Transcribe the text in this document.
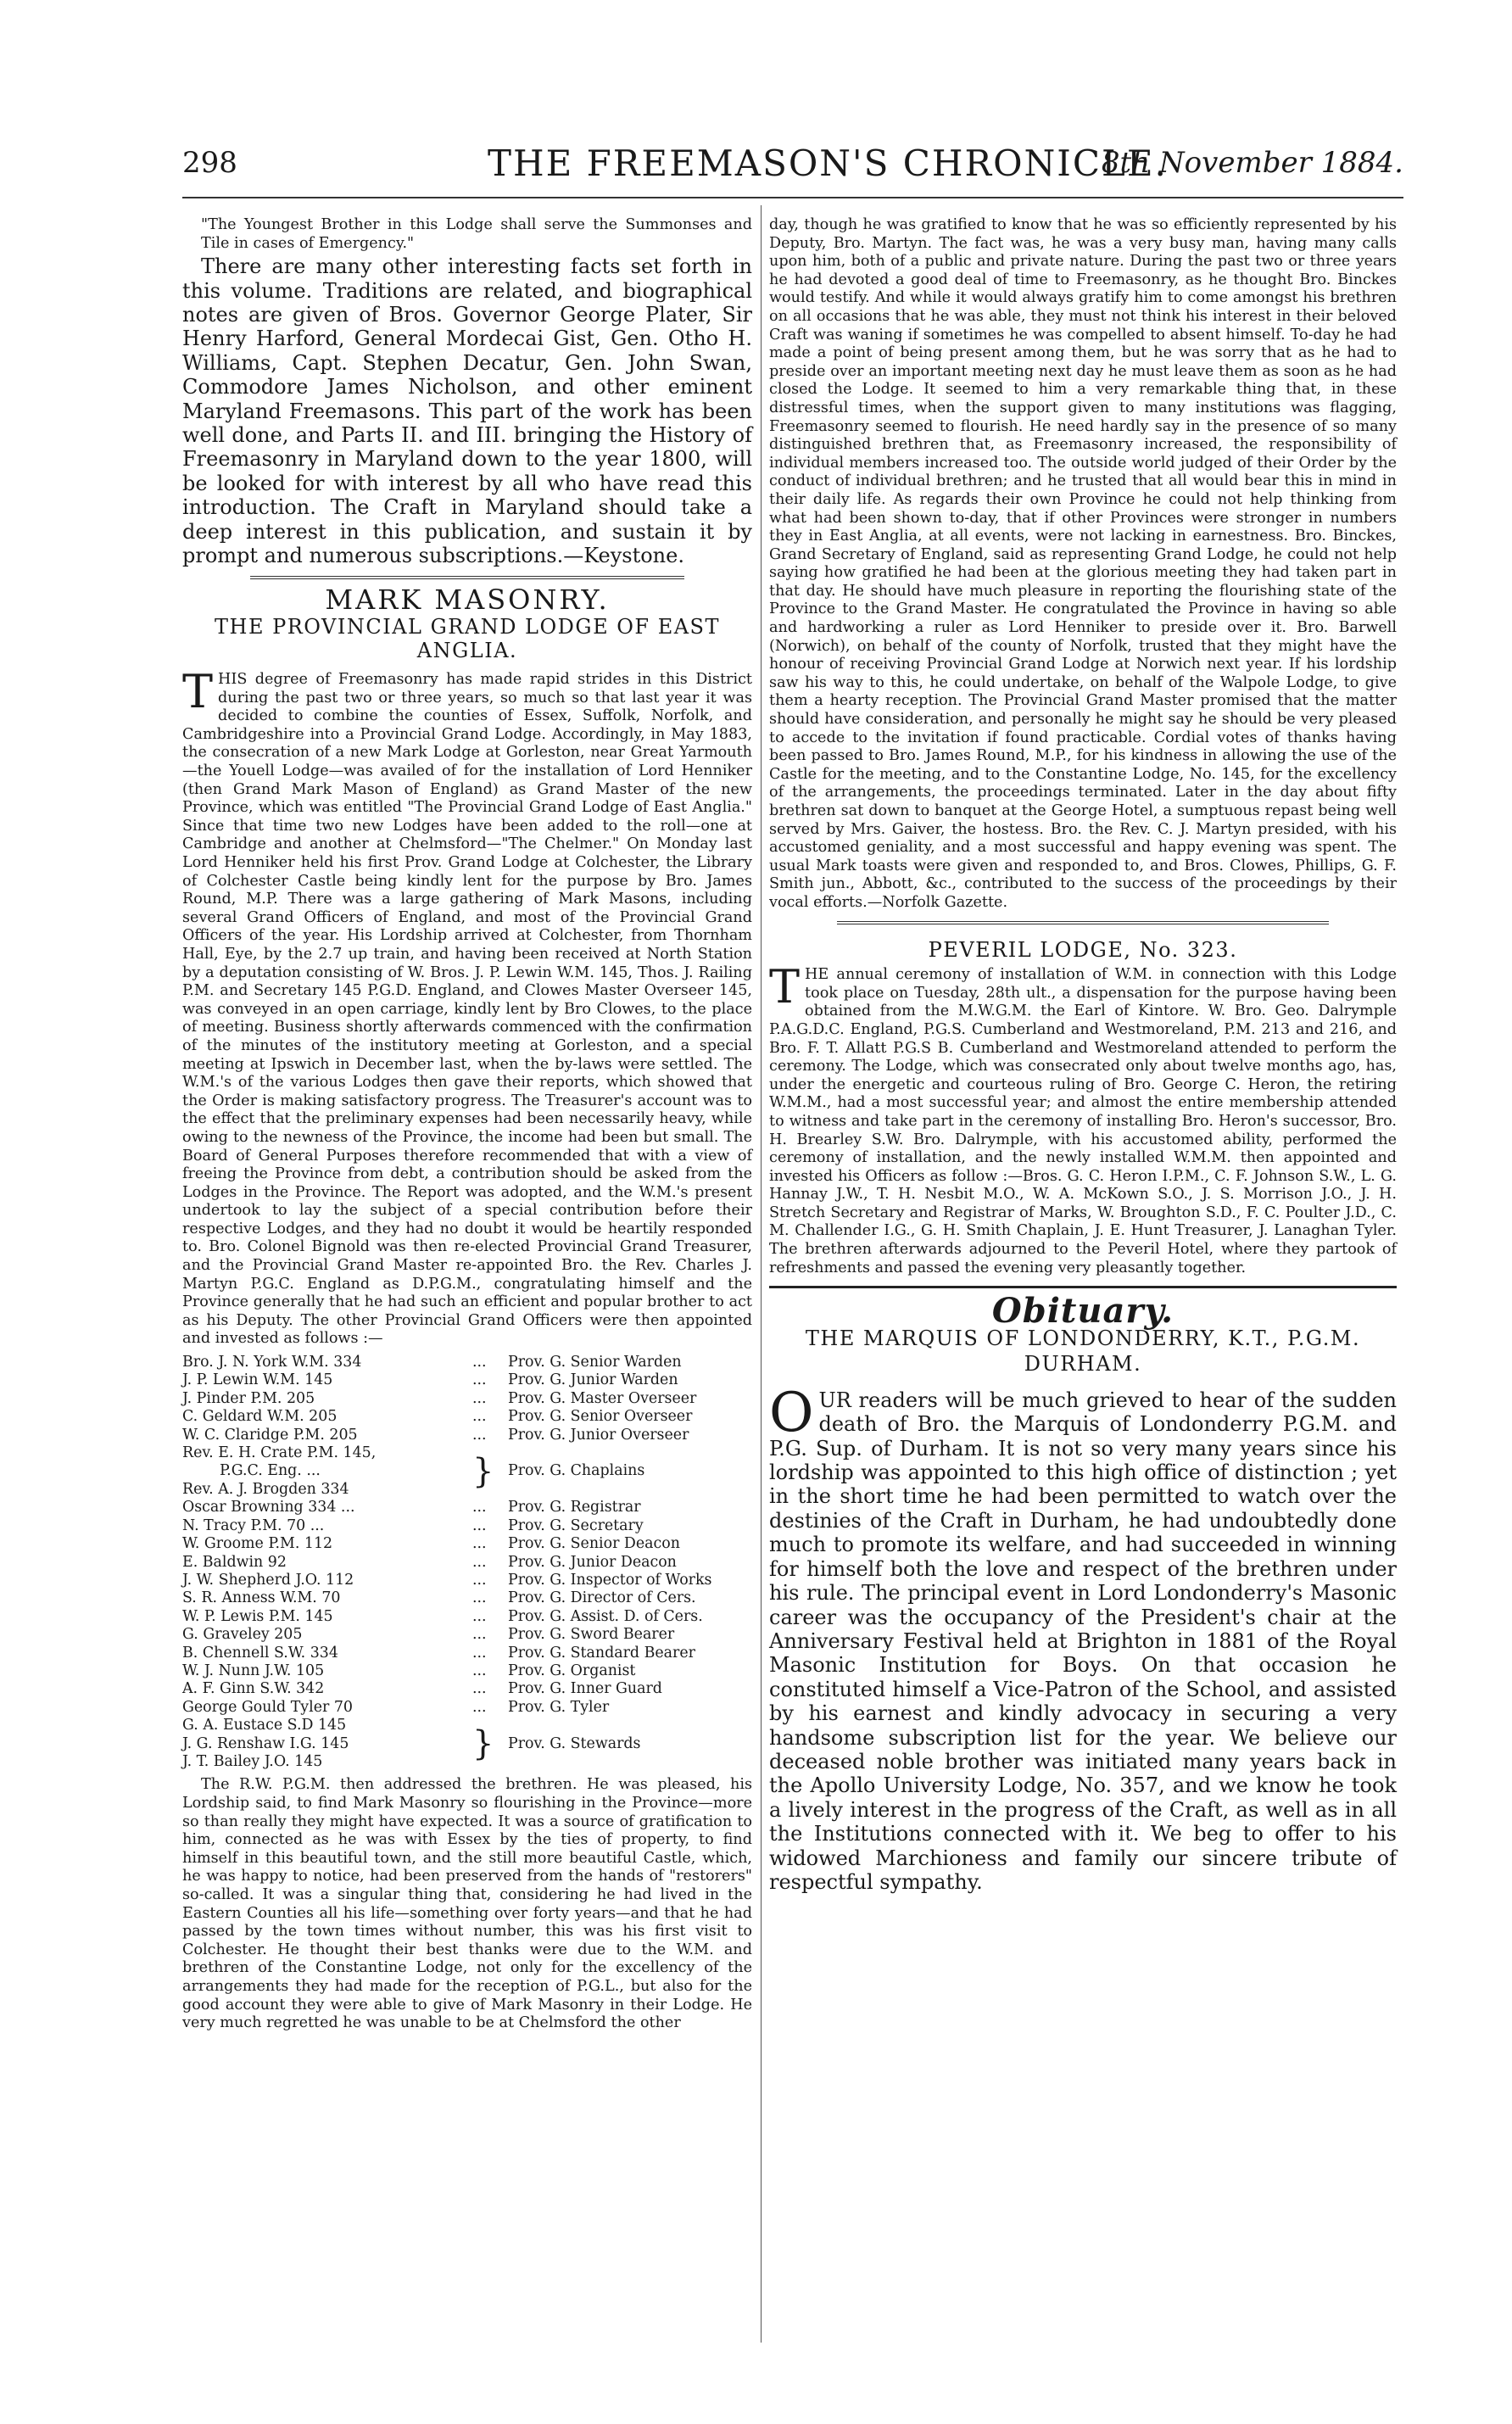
298	THE FREEMASON'S CHRONICLE.
8th November 1884.

"The Youngest Brother in this Lodge shall serve the Summonses and Tile in cases of Emergency."

There are many other interesting facts set forth in this volume. Traditions are related, and biographical notes are given of Bros. Governor George Plater, Sir Henry Harford, General Mordecai Gist, Gen. Otho H. Williams, Capt. Stephen Decatur, Gen. John Swan, Commodore James Nicholson, and other eminent Maryland Freemasons. This part of the work has been well done, and Parts II. and III. bringing the History of Freemasonry in Maryland down to the year 1800, will be looked for with interest by all who have read this introduction. The Craft in Maryland should take a deep interest in this publication, and sustain it by prompt and numerous subscriptions.—Keystone.

MARK MASONRY.
THE PROVINCIAL GRAND LODGE OF EAST ANGLIA.

THIS degree of Freemasonry has made rapid strides in this District during the past two or three years, so much so that last year it was decided to combine the counties of Essex, Suffolk, Norfolk, and Cambridgeshire into a Provincial Grand Lodge. Accordingly, in May 1883, the consecration of a new Mark Lodge at Gorleston, near Great Yarmouth—the Youell Lodge—was availed of for the installation of Lord Henniker (then Grand Mark Mason of England) as Grand Master of the new Province, which was entitled "The Provincial Grand Lodge of East Anglia." Since that time two new Lodges have been added to the roll—one at Cambridge and another at Chelmsford—"The Chelmer." On Monday last Lord Henniker held his first Prov. Grand Lodge at Colchester, the Library of Colchester Castle being kindly lent for the purpose by Bro. James Round, M.P. There was a large gathering of Mark Masons, including several Grand Officers of England, and most of the Provincial Grand Officers of the year. His Lordship arrived at Colchester, from Thornham Hall, Eye, by the 2.7 up train, and having been received at North Station by a deputation consisting of W. Bros. J. P. Lewin W.M. 145, Thos. J. Railing P.M. and Secretary 145 P.G.D. England, and Clowes Master Overseer 145, was conveyed in an open carriage, kindly lent by Bro Clowes, to the place of meeting. Business shortly afterwards commenced with the confirmation of the minutes of the institutory meeting at Gorleston, and a special meeting at Ipswich in December last, when the by-laws were settled. The W.M.'s of the various Lodges then gave their reports, which showed that the Order is making satisfactory progress. The Treasurer's account was to the effect that the preliminary expenses had been necessarily heavy, while owing to the newness of the Province, the income had been but small. The Board of General Purposes therefore recommended that with a view of freeing the Province from debt, a contribution should be asked from the Lodges in the Province. The Report was adopted, and the W.M.'s present undertook to lay the subject of a special contribution before their respective Lodges, and they had no doubt it would be heartily responded to. Bro. Colonel Bignold was then re-elected Provincial Grand Treasurer, and the Provincial Grand Master re-appointed Bro. the Rev. Charles J. Martyn P.G.C. England as D.P.G.M., congratulating himself and the Province generally that he had such an efficient and popular brother to act as his Deputy. The other Provincial Grand Officers were then appointed and invested as follows :—

Bro. J. N. York W.M. 334	...	Prov. G. Senior Warden
J. P. Lewin W.M. 145	...	Prov. G. Junior Warden
J. Pinder P.M. 205	...	Prov. G. Master Overseer
C. Geldard W.M. 205	...	Prov. G. Senior Overseer
W. C. Claridge P.M. 205	...	Prov. G. Junior Overseer
Rev. E. H. Crate P.M. 145,
P.G.C. Eng. ...
Rev. A. J. Brogden 334	} Prov. G. Chaplains
Oscar Browning 334 ...	...	Prov. G. Registrar
N. Tracy P.M. 70 ...	...	Prov. G. Secretary
W. Groome P.M. 112	...	Prov. G. Senior Deacon
E. Baldwin 92	...	Prov. G. Junior Deacon
J. W. Shepherd J.O. 112	...	Prov. G. Inspector of Works
S. R. Anness W.M. 70	...	Prov. G. Director of Cers.
W. P. Lewis P.M. 145	...	Prov. G. Assist. D. of Cers.
G. Graveley 205	...	Prov. G. Sword Bearer
B. Chennell S.W. 334	...	Prov. G. Standard Bearer
W. J. Nunn J.W. 105	...	Prov. G. Organist
A. F. Ginn S.W. 342	...	Prov. G. Inner Guard
George Gould Tyler 70	...	Prov. G. Tyler
G. A. Eustace S.D 145
J. G. Renshaw I.G. 145
J. T. Bailey J.O. 145	} Prov. G. Stewards

The R.W. P.G.M. then addressed the brethren. He was pleased, his Lordship said, to find Mark Masonry so flourishing in the Province—more so than really they might have expected. It was a source of gratification to him, connected as he was with Essex by the ties of property, to find himself in this beautiful town, and the still more beautiful Castle, which, he was happy to notice, had been preserved from the hands of "restorers" so-called. It was a singular thing that, considering he had lived in the Eastern Counties all his life—something over forty years—and that he had passed by the town times without number, this was his first visit to Colchester. He thought their best thanks were due to the W.M. and brethren of the Constantine Lodge, not only for the excellency of the arrangements they had made for the reception of P.G.L., but also for the good account they were able to give of Mark Masonry in their Lodge. He very much regretted he was unable to be at Chelmsford the other

day, though he was gratified to know that he was so efficiently represented by his Deputy, Bro. Martyn. The fact was, he was a very busy man, having many calls upon him, both of a public and private nature. During the past two or three years he had devoted a good deal of time to Freemasonry, as he thought Bro. Binckes would testify. And while it would always gratify him to come amongst his brethren on all occasions that he was able, they must not think his interest in their beloved Craft was waning if sometimes he was compelled to absent himself. To-day he had made a point of being present among them, but he was sorry that as he had to preside over an important meeting next day he must leave them as soon as he had closed the Lodge. It seemed to him a very remarkable thing that, in these distressful times, when the support given to many institutions was flagging, Freemasonry seemed to flourish. He need hardly say in the presence of so many distinguished brethren that, as Freemasonry increased, the responsibility of individual members increased too. The outside world judged of their Order by the conduct of individual brethren; and he trusted that all would bear this in mind in their daily life. As regards their own Province he could not help thinking from what had been shown to-day, that if other Provinces were stronger in numbers they in East Anglia, at all events, were not lacking in earnestness. Bro. Binckes, Grand Secretary of England, said as representing Grand Lodge, he could not help saying how gratified he had been at the glorious meeting they had taken part in that day. He should have much pleasure in reporting the flourishing state of the Province to the Grand Master. He congratulated the Province in having so able and hardworking a ruler as Lord Henniker to preside over it. Bro. Barwell (Norwich), on behalf of the county of Norfolk, trusted that they might have the honour of receiving Provincial Grand Lodge at Norwich next year. If his lordship saw his way to this, he could undertake, on behalf of the Walpole Lodge, to give them a hearty reception. The Provincial Grand Master promised that the matter should have consideration, and personally he might say he should be very pleased to accede to the invitation if found practicable. Cordial votes of thanks having been passed to Bro. James Round, M.P., for his kindness in allowing the use of the Castle for the meeting, and to the Constantine Lodge, No. 145, for the excellency of the arrangements, the proceedings terminated. Later in the day about fifty brethren sat down to banquet at the George Hotel, a sumptuous repast being well served by Mrs. Gaiver, the hostess. Bro. the Rev. C. J. Martyn presided, with his accustomed geniality, and a most successful and happy evening was spent. The usual Mark toasts were given and responded to, and Bros. Clowes, Phillips, G. F. Smith jun., Abbott, &c., contributed to the success of the proceedings by their vocal efforts.—Norfolk Gazette.

PEVERIL LODGE, No. 323.

THE annual ceremony of installation of W.M. in connection with this Lodge took place on Tuesday, 28th ult., a dispensation for the purpose having been obtained from the M.W.G.M. the Earl of Kintore. W. Bro. Geo. Dalrymple P.A.G.D.C. England, P.G.S. Cumberland and Westmoreland, P.M. 213 and 216, and Bro. F. T. Allatt P.G.S B. Cumberland and Westmoreland attended to perform the ceremony. The Lodge, which was consecrated only about twelve months ago, has, under the energetic and courteous ruling of Bro. George C. Heron, the retiring W.M.M., had a most successful year; and almost the entire membership attended to witness and take part in the ceremony of installing Bro. Heron's successor, Bro. H. Brearley S.W. Bro. Dalrymple, with his accustomed ability, performed the ceremony of installation, and the newly installed W.M.M. then appointed and invested his Officers as follow :—Bros. G. C. Heron I.P.M., C. F. Johnson S.W., L. G. Hannay J.W., T. H. Nesbit M.O., W. A. McKown S.O., J. S. Morrison J.O., J. H. Stretch Secretary and Registrar of Marks, W. Broughton S.D., F. C. Poulter J.D., C. M. Challender I.G., G. H. Smith Chaplain, J. E. Hunt Treasurer, J. Lanaghan Tyler. The brethren afterwards adjourned to the Peveril Hotel, where they partook of refreshments and passed the evening very pleasantly together.

Obituary.
THE MARQUIS OF LONDONDERRY, K.T., P.G.M. DURHAM.

OUR readers will be much grieved to hear of the sudden death of Bro. the Marquis of Londonderry P.G.M. and P.G. Sup. of Durham. It is not so very many years since his lordship was appointed to this high office of distinction ; yet in the short time he had been permitted to watch over the destinies of the Craft in Durham, he had undoubtedly done much to promote its welfare, and had succeeded in winning for himself both the love and respect of the brethren under his rule. The principal event in Lord Londonderry's Masonic career was the occupancy of the President's chair at the Anniversary Festival held at Brighton in 1881 of the Royal Masonic Institution for Boys. On that occasion he constituted himself a Vice-Patron of the School, and assisted by his earnest and kindly advocacy in securing a very handsome subscription list for the year. We believe our deceased noble brother was initiated many years back in the Apollo University Lodge, No. 357, and we know he took a lively interest in the progress of the Craft, as well as in all the Institutions connected with it. We beg to offer to his widowed Marchioness and family our sincere tribute of respectful sympathy.
